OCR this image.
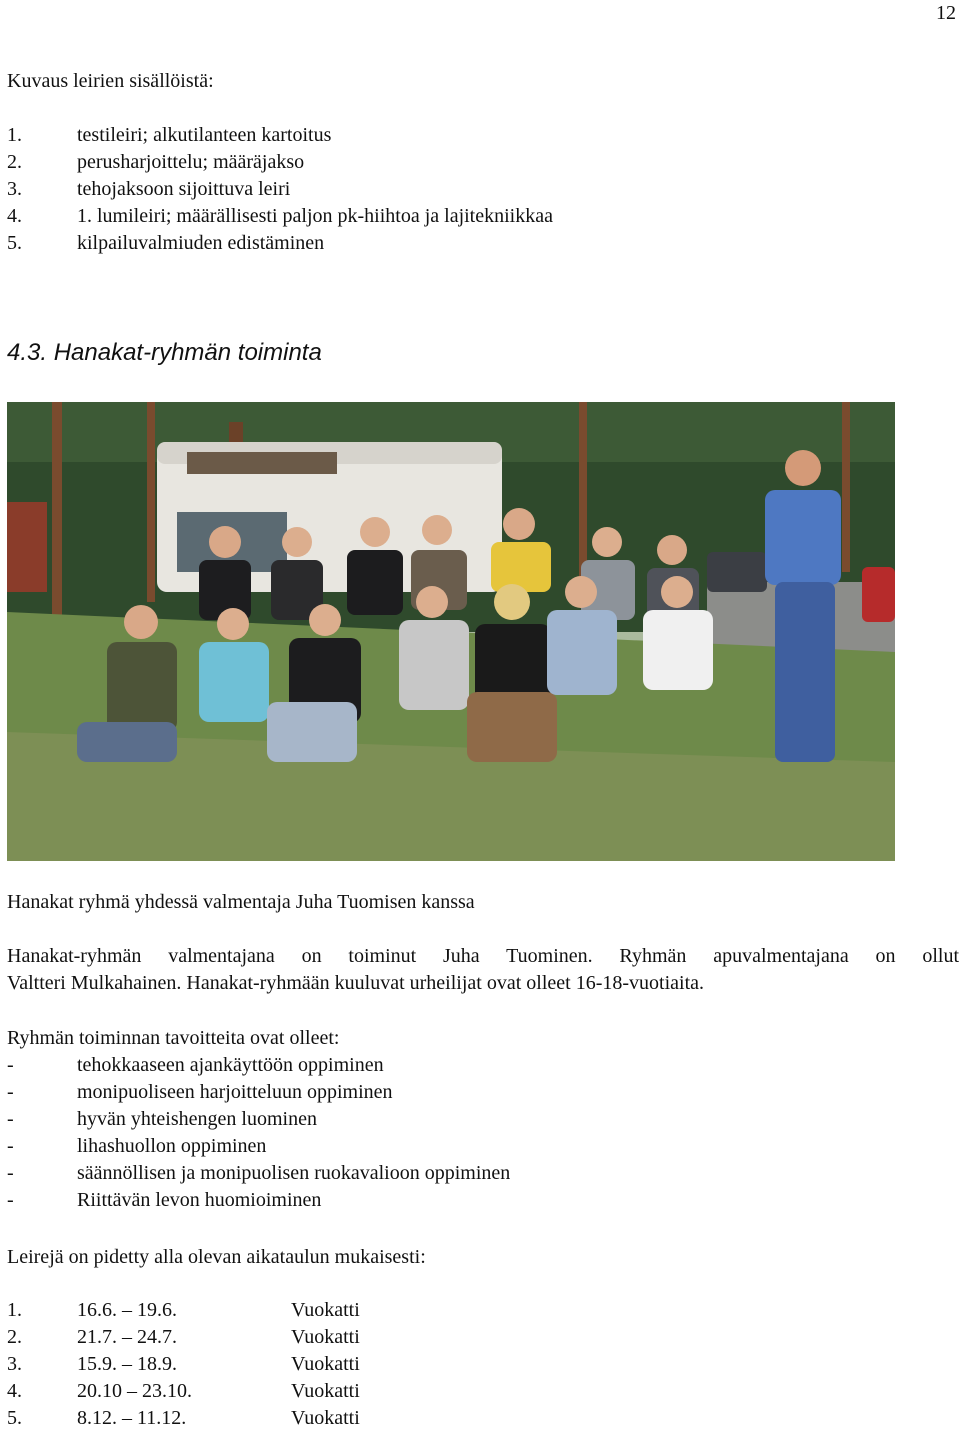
12
Kuvaus leirien sisällöistä:
1.	testileiri; alkutilanteen kartoitus
2.	perusharjoittelu; määräjakso
3.	tehojaksoon sijoittuva leiri
4.	1. lumileiri; määrällisesti paljon pk-hiihtoa ja lajitekniikkaa
5.	kilpailuvalmiuden edistäminen
4.3. Hanakat-ryhmän toiminta
Hanakat ryhmä yhdessä valmentaja Juha Tuomisen kanssa
Hanakat-ryhmän valmentajana on toiminut Juha Tuominen. Ryhmän apuvalmentajana on ollut
Valtteri Mulkahainen. Hanakat-ryhmään kuuluvat urheilijat ovat olleet 16-18-vuotiaita.
Ryhmän toiminnan tavoitteita ovat olleet:
-	tehokkaaseen ajankäyttöön oppiminen
-	monipuoliseen harjoitteluun oppiminen
-	hyvän yhteishengen luominen
-	lihashuollon oppiminen
-	säännöllisen ja monipuolisen ruokavalioon oppiminen
-	Riittävän levon huomioiminen
Leirejä on pidetty alla olevan aikataulun mukaisesti:
1.	16.6. – 19.6.	Vuokatti
2.	21.7. – 24.7.	Vuokatti
3.	15.9. – 18.9.	Vuokatti
4.	20.10 – 23.10.	Vuokatti
5.	8.12. – 11.12.	Vuokatti
